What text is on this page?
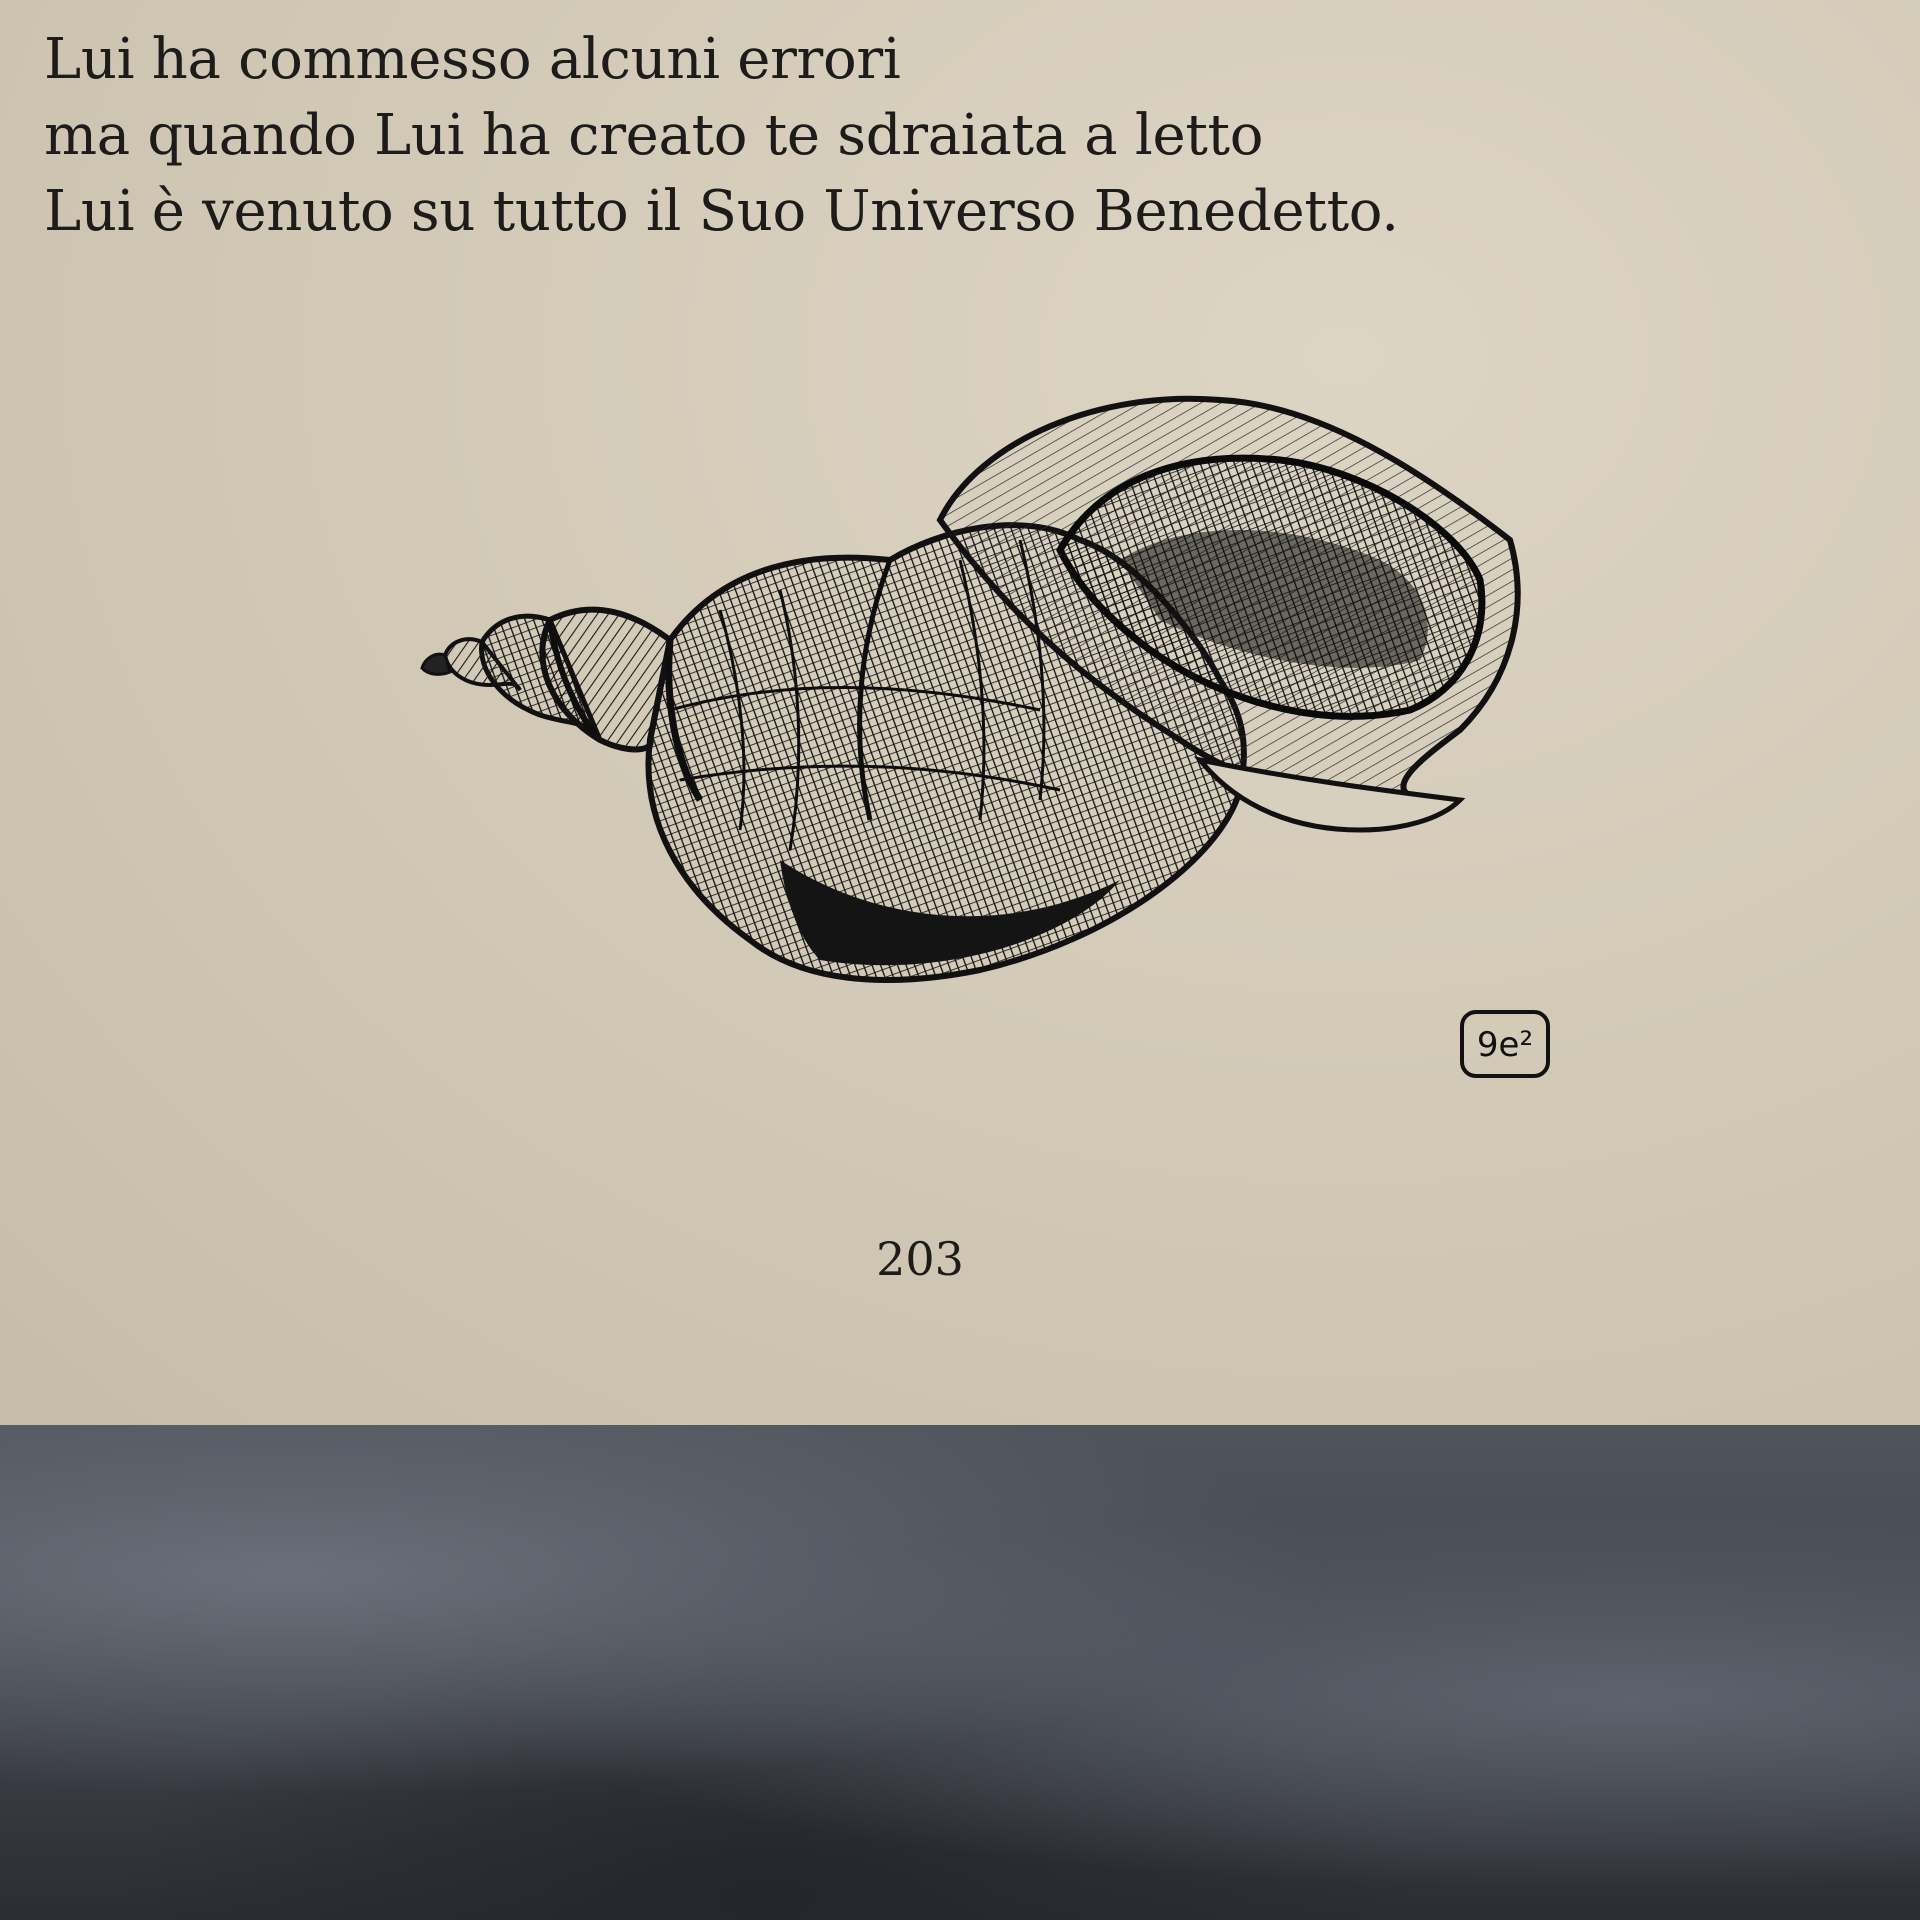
Lui ha commesso alcuni errori
ma quando Lui ha creato te sdraiata a letto
Lui è venuto su tutto il Suo Universo Benedetto.

9e²
203
